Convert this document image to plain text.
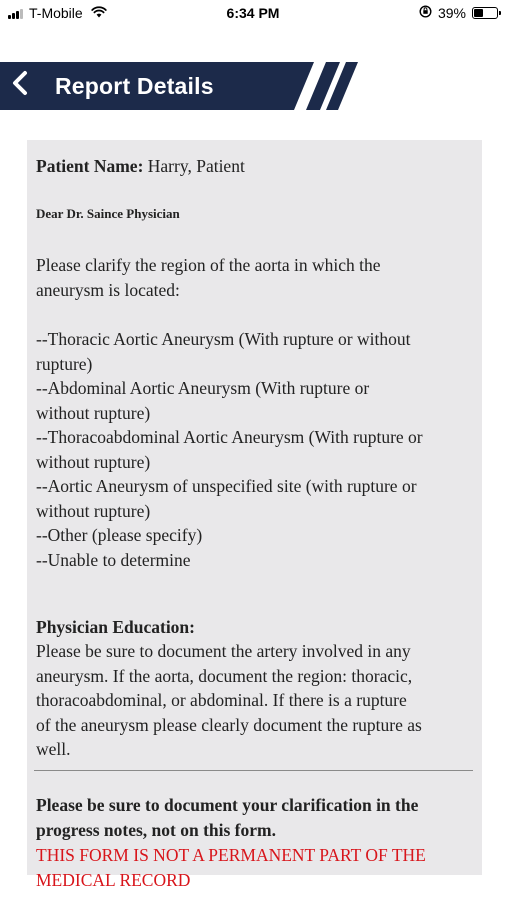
T-Mobile	6:34 PM	39%
Report Details
Patient Name: Harry, Patient
Dear Dr. Saince Physician
Please clarify the region of the aorta in which the
aneurysm is located:
--Thoracic Aortic Aneurysm (With rupture or without
rupture)
--Abdominal Aortic Aneurysm (With rupture or
without rupture)
--Thoracoabdominal Aortic Aneurysm (With rupture or
without rupture)
--Aortic Aneurysm of unspecified site (with rupture or
without rupture)
--Other (please specify)
--Unable to determine
Physician Education:
Please be sure to document the artery involved in any
aneurysm. If the aorta, document the region: thoracic,
thoracoabdominal, or abdominal. If there is a rupture
of the aneurysm please clearly document the rupture as
well.
Please be sure to document your clarification in the
progress notes, not on this form.
THIS FORM IS NOT A PERMANENT PART OF THE
MEDICAL RECORD
